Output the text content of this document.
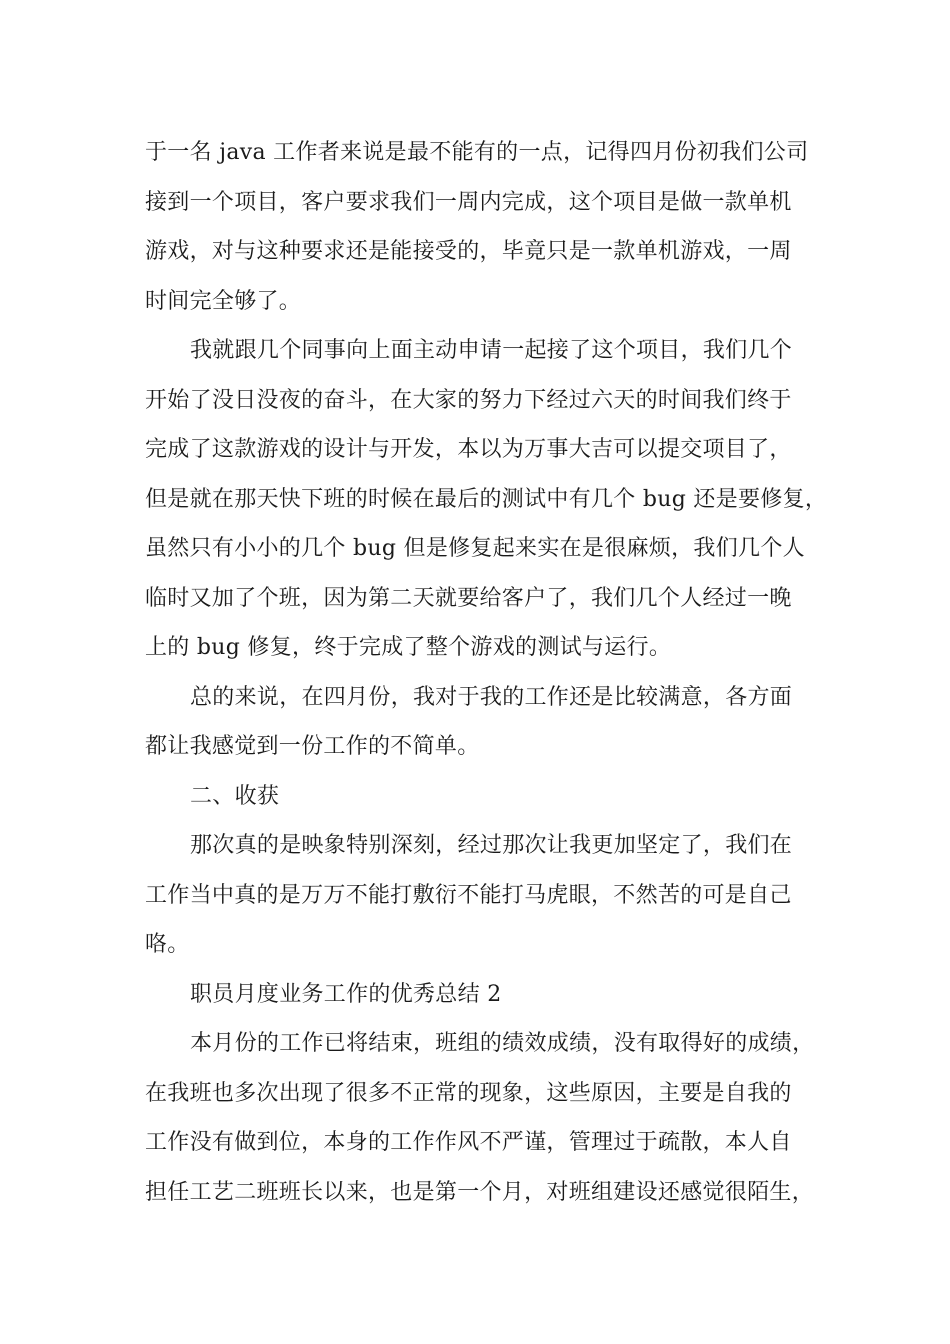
于一名 java 工作者来说是最不能有的一点，记得四月份初我们公司
接到一个项目，客户要求我们一周内完成，这个项目是做一款单机
游戏，对与这种要求还是能接受的，毕竟只是一款单机游戏，一周
时间完全够了。
我就跟几个同事向上面主动申请一起接了这个项目，我们几个
开始了没日没夜的奋斗，在大家的努力下经过六天的时间我们终于
完成了这款游戏的设计与开发，本以为万事大吉可以提交项目了，
但是就在那天快下班的时候在最后的测试中有几个 bug 还是要修复，
虽然只有小小的几个 bug 但是修复起来实在是很麻烦，我们几个人
临时又加了个班，因为第二天就要给客户了，我们几个人经过一晚
上的 bug 修复，终于完成了整个游戏的测试与运行。
总的来说，在四月份，我对于我的工作还是比较满意，各方面
都让我感觉到一份工作的不简单。
二、收获
那次真的是映象特别深刻，经过那次让我更加坚定了，我们在
工作当中真的是万万不能打敷衍不能打马虎眼，不然苦的可是自己
咯。
职员月度业务工作的优秀总结 2
本月份的工作已将结束，班组的绩效成绩，没有取得好的成绩，
在我班也多次出现了很多不正常的现象，这些原因，主要是自我的
工作没有做到位，本身的工作作风不严谨，管理过于疏散，本人自
担任工艺二班班长以来，也是第一个月，对班组建设还感觉很陌生，
